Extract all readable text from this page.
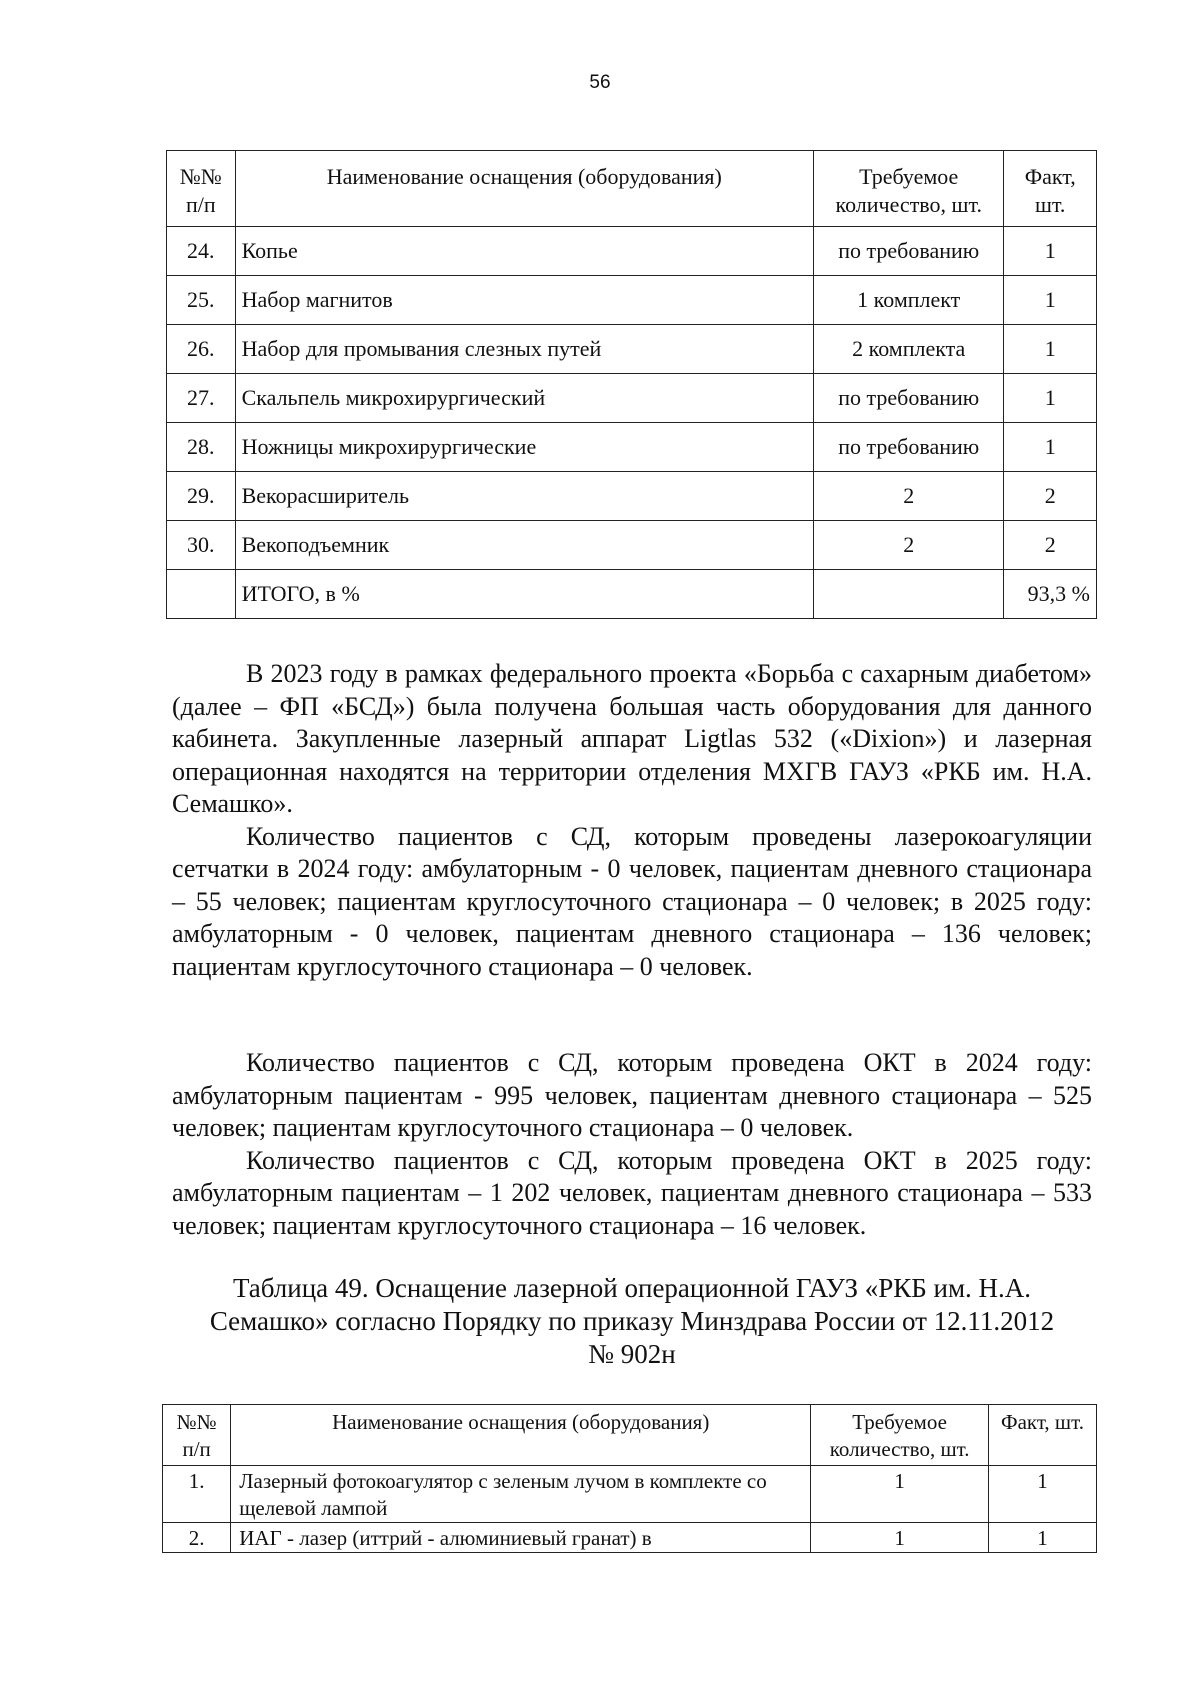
56
№№ п/п	Наименование оснащения (оборудования)	Требуемое количество, шт.	Факт, шт.
24.	Копье	по требованию	1
25.	Набор магнитов	1 комплект	1
26.	Набор для промывания слезных путей	2 комплекта	1
27.	Скальпель микрохирургический	по требованию	1
28.	Ножницы микрохирургические	по требованию	1
29.	Векорасширитель	2	2
30.	Векоподъемник	2	2
	ИТОГО, в %		93,3 %

В 2023 году в рамках федерального проекта «Борьба с сахарным диабетом» (далее – ФП «БСД») была получена большая часть оборудования для данного кабинета. Закупленные лазерный аппарат Ligtlas 532 («Dixion») и лазерная операционная находятся на территории отделения МХГВ ГАУЗ «РКБ им. Н.А. Семашко».

Количество пациентов с СД, которым проведены лазерокоагуляции сетчатки в 2024 году: амбулаторным - 0 человек, пациентам дневного стационара – 55 человек; пациентам круглосуточного стационара – 0 человек; в 2025 году: амбулаторным - 0 человек, пациентам дневного стационара – 136 человек; пациентам круглосуточного стационара – 0 человек.

Количество пациентов с СД, которым проведена ОКТ в 2024 году: амбулаторным пациентам - 995 человек, пациентам дневного стационара – 525 человек; пациентам круглосуточного стационара – 0 человек.

Количество пациентов с СД, которым проведена ОКТ в 2025 году: амбулаторным пациентам – 1 202 человек, пациентам дневного стационара – 533 человек; пациентам круглосуточного стационара – 16 человек.

Таблица 49. Оснащение лазерной операционной ГАУЗ «РКБ им. Н.А.
Семашко» согласно Порядку по приказу Минздрава России от 12.11.2012
№ 902н
№№ п/п	Наименование оснащения (оборудования)	Требуемое количество, шт.	Факт, шт.
1.	Лазерный фотокоагулятор с зеленым лучом в комплекте со щелевой лампой	1	1
2.	ИАГ - лазер (иттрий - алюминиевый гранат) в	1	1
